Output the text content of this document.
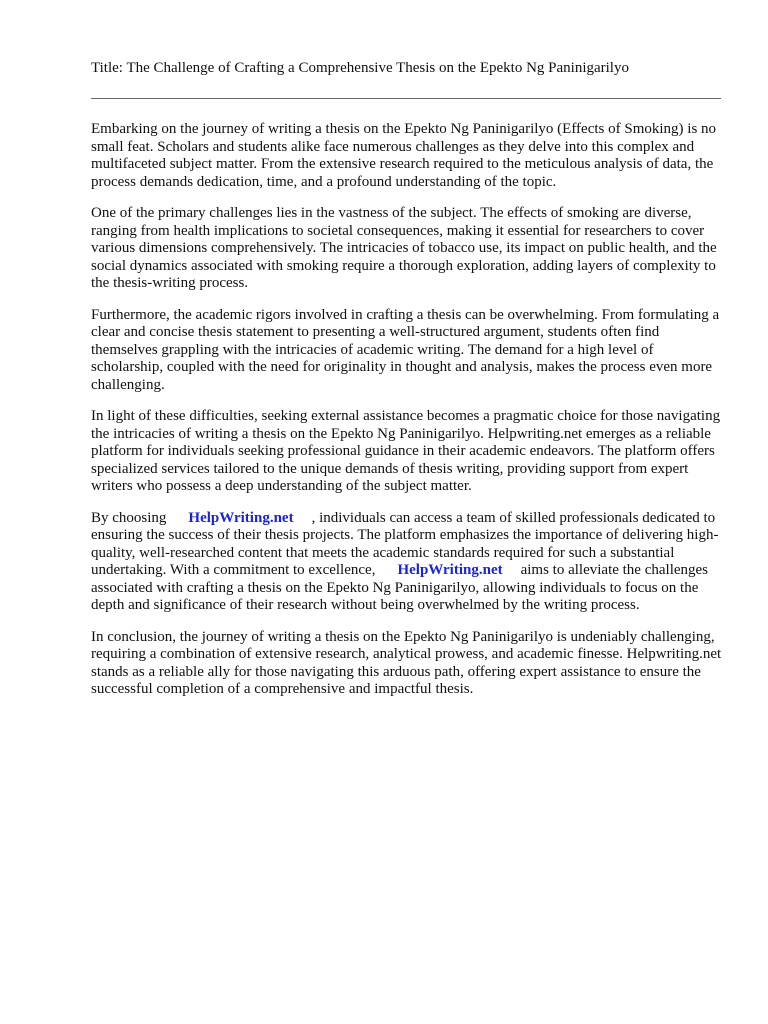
Title: The Challenge of Crafting a Comprehensive Thesis on the Epekto Ng Paninigarilyo

Embarking on the journey of writing a thesis on the Epekto Ng Paninigarilyo (Effects of Smoking) is no small feat. Scholars and students alike face numerous challenges as they delve into this complex and multifaceted subject matter. From the extensive research required to the meticulous analysis of data, the process demands dedication, time, and a profound understanding of the topic.

One of the primary challenges lies in the vastness of the subject. The effects of smoking are diverse, ranging from health implications to societal consequences, making it essential for researchers to cover various dimensions comprehensively. The intricacies of tobacco use, its impact on public health, and the social dynamics associated with smoking require a thorough exploration, adding layers of complexity to the thesis-writing process.

Furthermore, the academic rigors involved in crafting a thesis can be overwhelming. From formulating a clear and concise thesis statement to presenting a well-structured argument, students often find themselves grappling with the intricacies of academic writing. The demand for a high level of scholarship, coupled with the need for originality in thought and analysis, makes the process even more challenging.

In light of these difficulties, seeking external assistance becomes a pragmatic choice for those navigating the intricacies of writing a thesis on the Epekto Ng Paninigarilyo. Helpwriting.net emerges as a reliable platform for individuals seeking professional guidance in their academic endeavors. The platform offers specialized services tailored to the unique demands of thesis writing, providing support from expert writers who possess a deep understanding of the subject matter.

By choosing HelpWriting.net , individuals can access a team of skilled professionals dedicated to ensuring the success of their thesis projects. The platform emphasizes the importance of delivering high-quality, well-researched content that meets the academic standards required for such a substantial undertaking. With a commitment to excellence, HelpWriting.net aims to alleviate the challenges associated with crafting a thesis on the Epekto Ng Paninigarilyo, allowing individuals to focus on the depth and significance of their research without being overwhelmed by the writing process.

In conclusion, the journey of writing a thesis on the Epekto Ng Paninigarilyo is undeniably challenging, requiring a combination of extensive research, analytical prowess, and academic finesse. Helpwriting.net stands as a reliable ally for those navigating this arduous path, offering expert assistance to ensure the successful completion of a comprehensive and impactful thesis.
